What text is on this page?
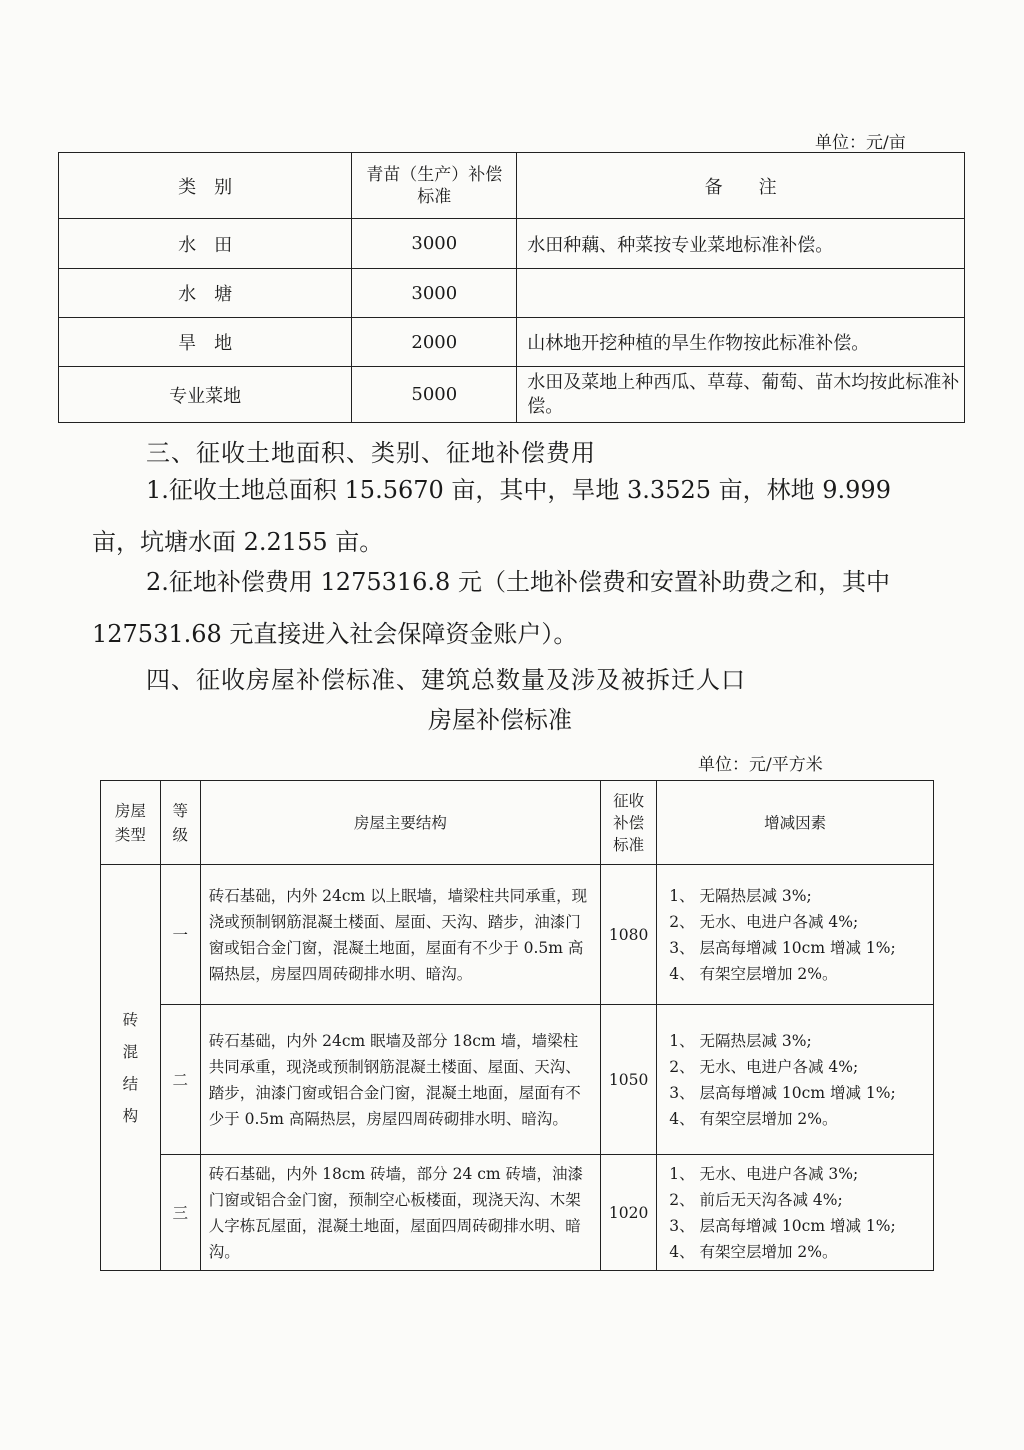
单位：元/亩
类　别	青苗（生产）补偿标准	备　　注
水　田	3000	水田种藕、种菜按专业菜地标准补偿。
水　塘	3000	
旱　地	2000	山林地开挖种植的旱生作物按此标准补偿。
专业菜地	5000	水田及菜地上种西瓜、草莓、葡萄、苗木均按此标准补偿。
三、征收土地面积、类别、征地补偿费用
1.征收土地总面积 15.5670 亩，其中，旱地 3.3525 亩，林地 9.999 亩，坑塘水面 2.2155 亩。
2.征地补偿费用 1275316.8 元（土地补偿费和安置补助费之和，其中 127531.68 元直接进入社会保障资金账户）。
四、征收房屋补偿标准、建筑总数量及涉及被拆迁人口
房屋补偿标准
单位：元/平方米
房屋类型	等级	房屋主要结构	征收补偿标准	增减因素

砖混结构	一	砖石基础，内外 24cm 以上眠墙，墙梁柱共同承重，现浇或预制钢筋混凝土楼面、屋面、天沟、踏步，油漆门窗或铝合金门窗，混凝土地面，屋面有不少于 0.5m 高隔热层，房屋四周砖砌排水明、暗沟。	1080	1、 无隔热层减 3%;
2、 无水、电进户各减 4%;
3、 层高每增减 10cm 增减 1%;
4、 有架空层增加 2%。

	二	砖石基础，内外 24cm 眠墙及部分 18cm 墙，墙梁柱共同承重，现浇或预制钢筋混凝土楼面、屋面、天沟、踏步，油漆门窗或铝合金门窗，混凝土地面，屋面有不少于 0.5m 高隔热层，房屋四周砖砌排水明、暗沟。	1050	1、 无隔热层减 3%;
2、 无水、电进户各减 4%;
3、 层高每增减 10cm 增减 1%;
4、 有架空层增加 2%。

	三	砖石基础，内外 18cm 砖墙，部分 24 cm 砖墙，油漆门窗或铝合金门窗，预制空心板楼面，现浇天沟、木架人字栋瓦屋面，混凝土地面，屋面四周砖砌排水明、暗沟。	1020	1、 无水、电进户各减 3%;
2、 前后无天沟各减 4%;
3、 层高每增减 10cm 增减 1%;
4、 有架空层增加 2%。
